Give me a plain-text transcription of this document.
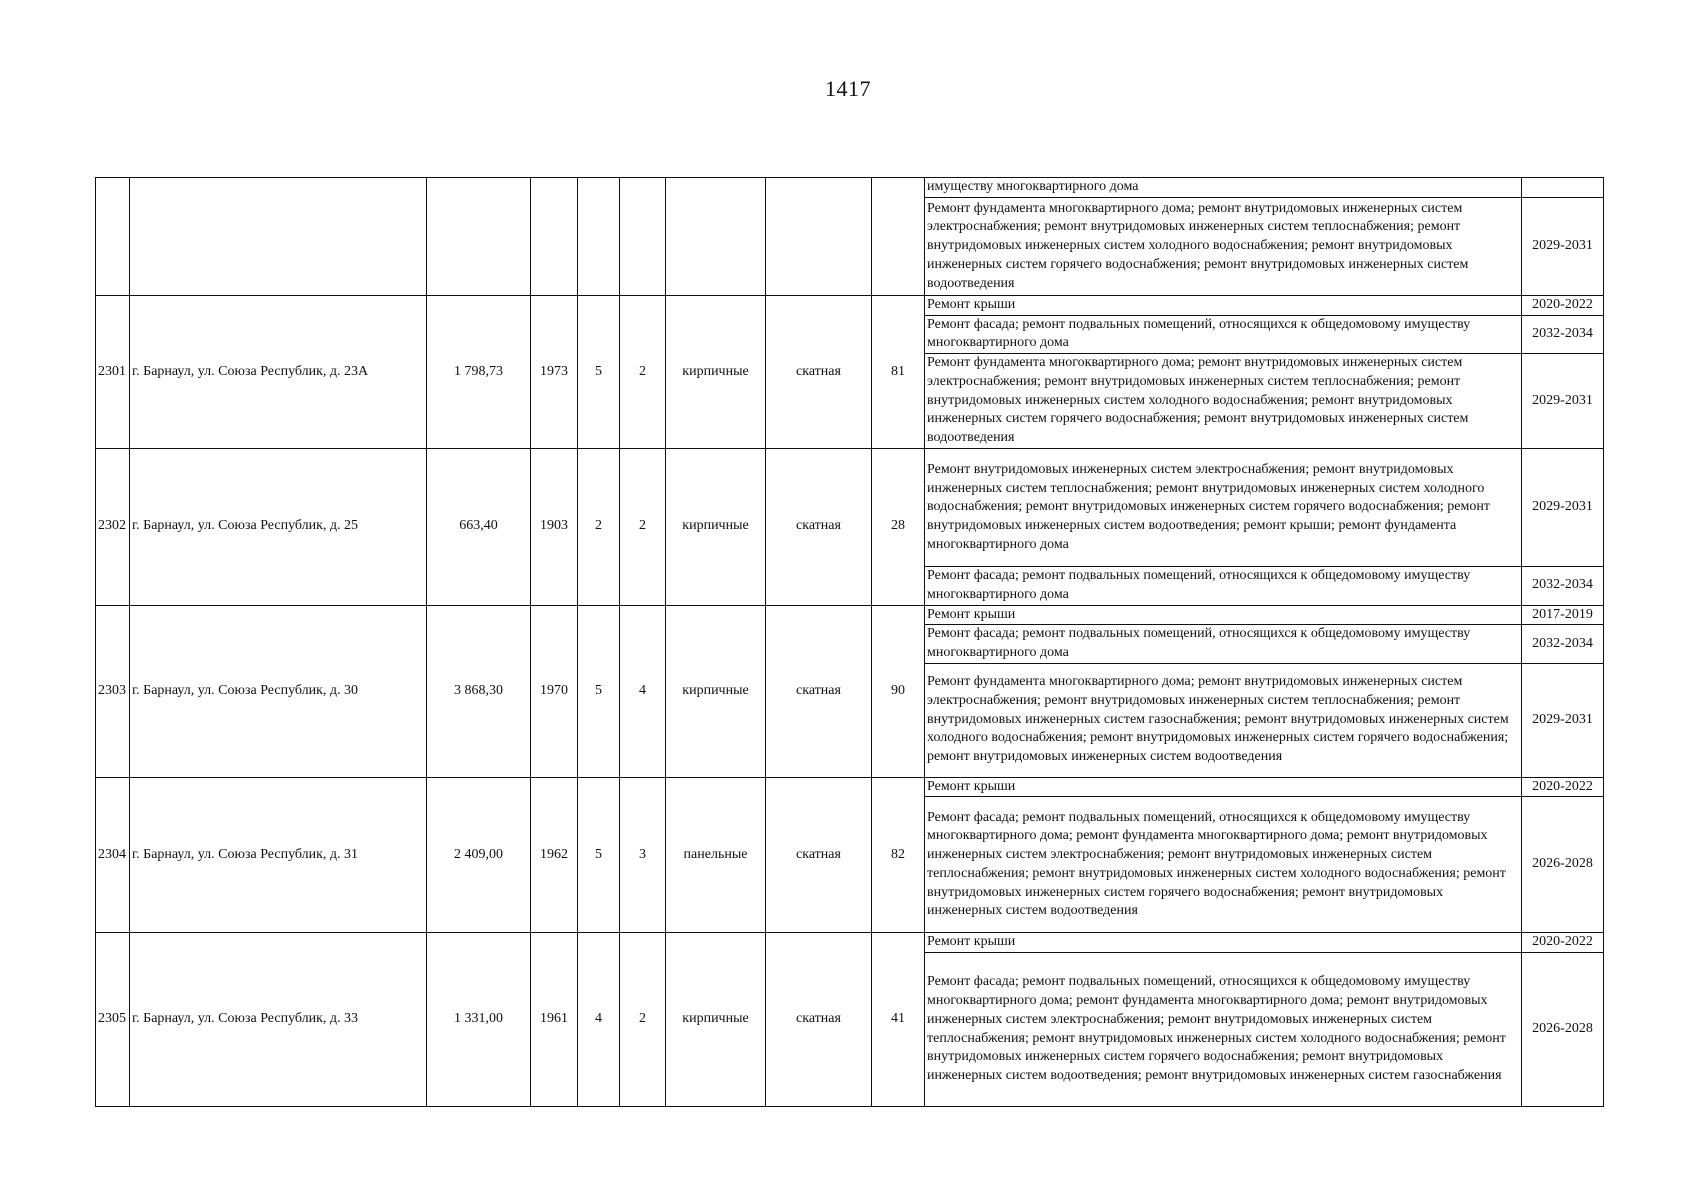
1417
									имуществу многоквартирного дома	
									Ремонт фундамента многоквартирного дома; ремонт внутридомовых инженерных систем электроснабжения; ремонт внутридомовых инженерных систем теплоснабжения; ремонт внутридомовых инженерных систем холодного водоснабжения; ремонт внутридомовых инженерных систем горячего водоснабжения; ремонт внутридомовых инженерных систем водоотведения	2029-2031
2301	г. Барнаул, ул. Союза Республик, д. 23А	1 798,73	1973	5	2	кирпичные	скатная	81	Ремонт крыши	2020-2022
									Ремонт фасада; ремонт подвальных помещений, относящихся к общедомовому имуществу многоквартирного дома	2032-2034
									Ремонт фундамента многоквартирного дома; ремонт внутридомовых инженерных систем электроснабжения; ремонт внутридомовых инженерных систем теплоснабжения; ремонт внутридомовых инженерных систем холодного водоснабжения; ремонт внутридомовых инженерных систем горячего водоснабжения; ремонт внутридомовых инженерных систем водоотведения	2029-2031
2302	г. Барнаул, ул. Союза Республик, д. 25	663,40	1903	2	2	кирпичные	скатная	28	Ремонт внутридомовых инженерных систем электроснабжения; ремонт внутридомовых инженерных систем теплоснабжения; ремонт внутридомовых инженерных систем холодного водоснабжения; ремонт внутридомовых инженерных систем горячего водоснабжения; ремонт внутридомовых инженерных систем водоотведения; ремонт крыши; ремонт фундамента многоквартирного дома	2029-2031
									Ремонт фасада; ремонт подвальных помещений, относящихся к общедомовому имуществу многоквартирного дома	2032-2034
2303	г. Барнаул, ул. Союза Республик, д. 30	3 868,30	1970	5	4	кирпичные	скатная	90	Ремонт крыши	2017-2019
									Ремонт фасада; ремонт подвальных помещений, относящихся к общедомовому имуществу многоквартирного дома	2032-2034
									Ремонт фундамента многоквартирного дома; ремонт внутридомовых инженерных систем электроснабжения; ремонт внутридомовых инженерных систем теплоснабжения; ремонт внутридомовых инженерных систем газоснабжения; ремонт внутридомовых инженерных систем холодного водоснабжения; ремонт внутридомовых инженерных систем горячего водоснабжения; ремонт внутридомовых инженерных систем водоотведения	2029-2031
2304	г. Барнаул, ул. Союза Республик, д. 31	2 409,00	1962	5	3	панельные	скатная	82	Ремонт крыши	2020-2022
									Ремонт фасада; ремонт подвальных помещений, относящихся к общедомовому имуществу многоквартирного дома; ремонт фундамента многоквартирного дома; ремонт внутридомовых инженерных систем электроснабжения; ремонт внутридомовых инженерных систем теплоснабжения; ремонт внутридомовых инженерных систем холодного водоснабжения; ремонт внутридомовых инженерных систем горячего водоснабжения; ремонт внутридомовых инженерных систем водоотведения	2026-2028
2305	г. Барнаул, ул. Союза Республик, д. 33	1 331,00	1961	4	2	кирпичные	скатная	41	Ремонт крыши	2020-2022
									Ремонт фасада; ремонт подвальных помещений, относящихся к общедомовому имуществу многоквартирного дома; ремонт фундамента многоквартирного дома; ремонт внутридомовых инженерных систем электроснабжения; ремонт внутридомовых инженерных систем теплоснабжения; ремонт внутридомовых инженерных систем холодного водоснабжения; ремонт внутридомовых инженерных систем горячего водоснабжения; ремонт внутридомовых инженерных систем водоотведения; ремонт внутридомовых инженерных систем газоснабжения	2026-2028
